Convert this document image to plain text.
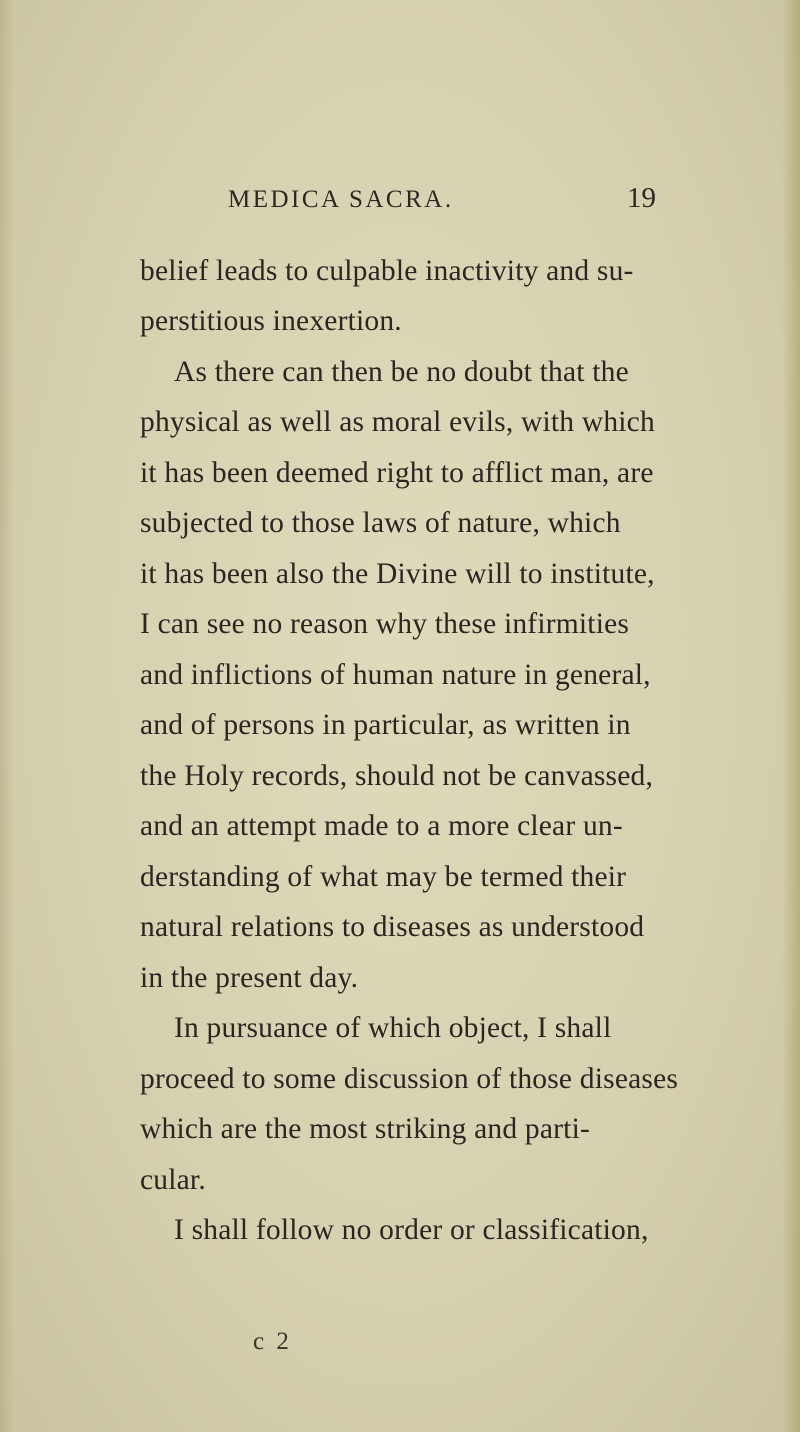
MEDICA SACRA.	19
belief leads to culpable inactivity and su-
perstitious inexertion.
As there can then be no doubt that the
physical as well as moral evils, with which
it has been deemed right to afflict man, are
subjected to those laws of nature, which
it has been also the Divine will to institute,
I can see no reason why these infirmities
and inflictions of human nature in general,
and of persons in particular, as written in
the Holy records, should not be canvassed,
and an attempt made to a more clear un-
derstanding of what may be termed their
natural relations to diseases as understood
in the present day.
In pursuance of which object, I shall
proceed to some discussion of those diseases
which are the most striking and parti-
cular.
I shall follow no order or classification,
c 2
